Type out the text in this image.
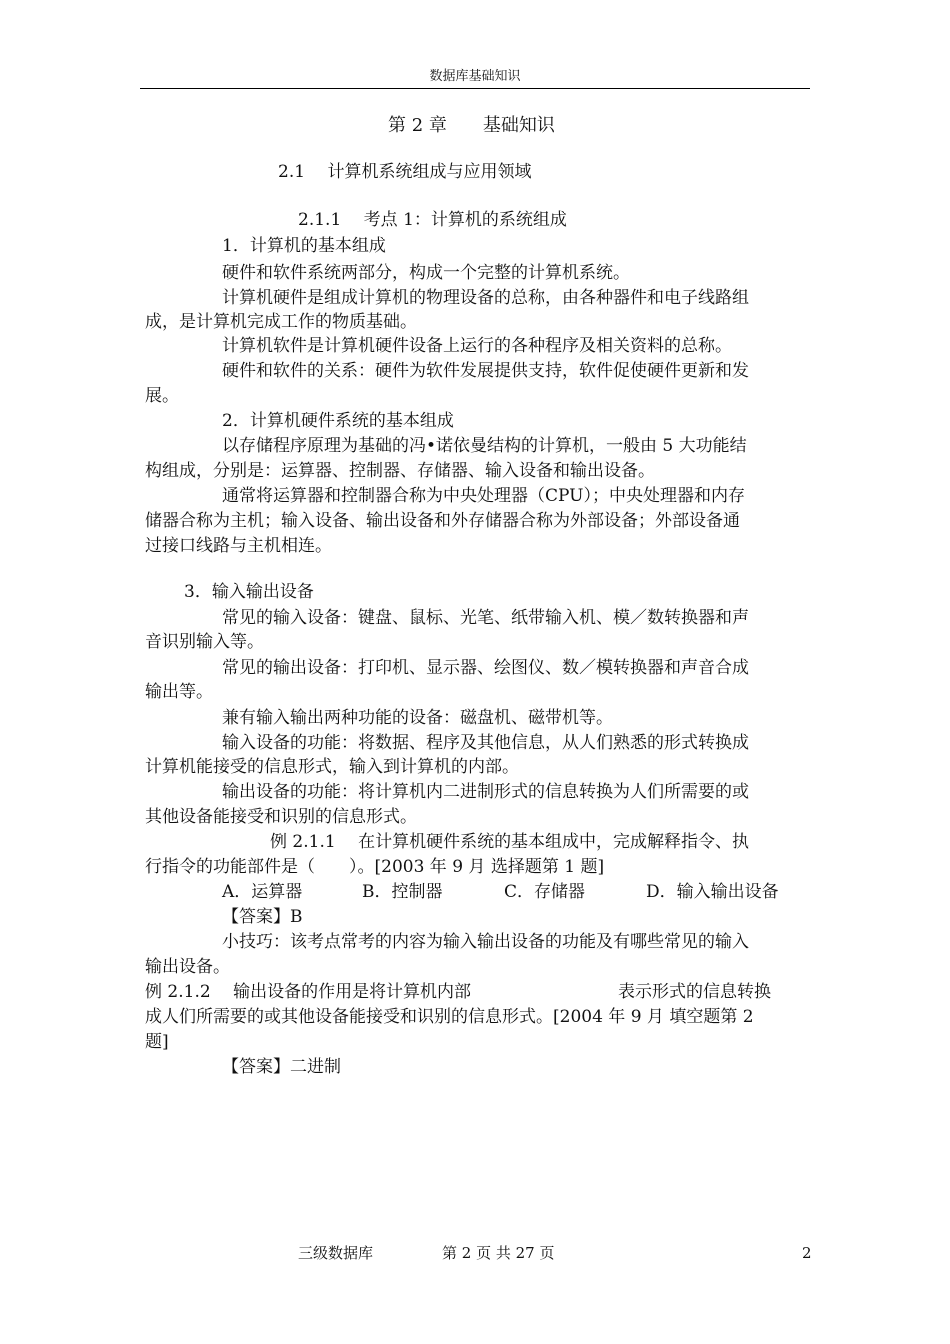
数据库基础知识
第 2 章　　基础知识
2.1　 计算机系统组成与应用领域
2.1.1　 考点 1：计算机的系统组成
1．计算机的基本组成
硬件和软件系统两部分，构成一个完整的计算机系统。
计算机硬件是组成计算机的物理设备的总称，由各种器件和电子线路组
成，是计算机完成工作的物质基础。
计算机软件是计算机硬件设备上运行的各种程序及相关资料的总称。
硬件和软件的关系：硬件为软件发展提供支持，软件促使硬件更新和发
展。
2．计算机硬件系统的基本组成
以存储程序原理为基础的冯•诺依曼结构的计算机，一般由 5 大功能结
构组成，分别是：运算器、控制器、存储器、输入设备和输出设备。
通常将运算器和控制器合称为中央处理器（CPU）；中央处理器和内存
储器合称为主机；输入设备、输出设备和外存储器合称为外部设备；外部设备通
过接口线路与主机相连。
3．输入输出设备
常见的输入设备：键盘、鼠标、光笔、纸带输入机、模／数转换器和声
音识别输入等。
常见的输出设备：打印机、显示器、绘图仪、数／模转换器和声音合成
输出等。
兼有输入输出两种功能的设备：磁盘机、磁带机等。
输入设备的功能：将数据、程序及其他信息，从人们熟悉的形式转换成
计算机能接受的信息形式，输入到计算机的内部。
输出设备的功能：将计算机内二进制形式的信息转换为人们所需要的或
其他设备能接受和识别的信息形式。
例 2.1.1　 在计算机硬件系统的基本组成中，完成解释指令、执
行指令的功能部件是（　　）。[2003 年 9 月 选择题第 1 题]
A．运算器	B．控制器	C．存储器	D．输入输出设备
【答案】B
小技巧：该考点常考的内容为输入输出设备的功能及有哪些常见的输入
输出设备。
例 2.1.2　 输出设备的作用是将计算机内部	表示形式的信息转换
成人们所需要的或其他设备能接受和识别的信息形式。[2004 年 9 月 填空题第 2
题]
【答案】二进制
三级数据库	第 2 页 共 27 页	2
